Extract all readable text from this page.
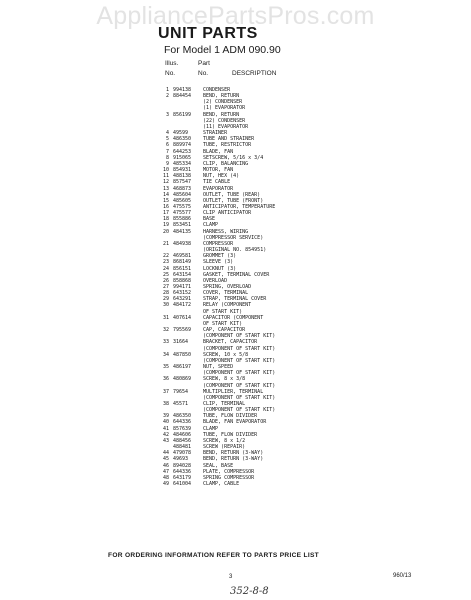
AppliancePartsPros.com
UNIT PARTS
For Model 1 ADM 090.90
Illus.	Part
No.	No.	DESCRIPTION
1 994138	CONDENSER
2 884454	BEND, RETURN
(2) CONDENSER
(1) EVAPORATOR
3 856199	BEND, RETURN
(22) CONDENSER
(11) EVAPORATOR
4 49599	STRAINER
5 486350	TUBE AND STRAINER
6 889974	TUBE, RESTRICTOR
7 644253	BLADE, FAN
8 915065	SETSCREW, 5/16 x 3/4
9 485334	CLIP, BALANCING
10 854931	MOTOR, FAN
11 488138	NUT, HEX (4)
12 857547	TIE CABLE
13 468873	EVAPORATOR
14 485604	OUTLET, TUBE (REAR)
15 485605	OUTLET, TUBE (FRONT)
16 475575	ANTICIPATOR, TEMPERATURE
17 475577	CLIP ANTICIPATOR
18 855886	BASE
19 853451	CLAMP
20 484135	HARNESS, WIRING
(COMPRESSOR SERVICE)
21 484938	COMPRESSOR
(ORIGINAL NO. 854951)
22 469581	GROMMET (3)
23 868149	SLEEVE (3)
24 856151	LOCKNUT (3)
25 643154	GASKET, TERMINAL COVER
26 858868	OVERLOAD
27 994171	SPRING, OVERLOAD
28 643152	COVER, TERMINAL
29 643291	STRAP, TERMINAL COVER
30 484172	RELAY (COMPONENT
OF START KIT)
31 407614	CAPACITOR (COMPONENT
OF START KIT)
32 795569	CAP, CAPACITOR
(COMPONENT OF START KIT)
33 31664	BRACKET, CAPACITOR
(COMPONENT OF START KIT)
34 487850	SCREW, 10 x 5/8
(COMPONENT OF START KIT)
35 486197	NUT, SPEED
(COMPONENT OF START KIT)
36 480869	SCREW, 8 x 3/8
(COMPONENT OF START KIT)
37 79654	MULTIPLIER, TERMINAL
(COMPONENT OF START KIT)
38 45571	CLIP, TERMINAL
(COMPONENT OF START KIT)
39 486350	TUBE, FLOW DIVIDER
40 644336	BLADE, FAN EVAPORATOR
41 857639	CLAMP
42 484606	TUBE, FLOW DIVIDER
43 488456	SCREW, 8 x 1/2
488481	SCREW (REPAIR)
44 479078	BEND, RETURN (3-WAY)
45 49693	BEND, RETURN (3-WAY)
46 894028	SEAL, BASE
47 644336	PLATE, COMPRESSOR
48 643179	SPRING COMPRESSOR
49 641004	CLAMP, CABLE
FOR ORDERING INFORMATION REFER TO PARTS PRICE LIST
3	960/13
352-8-8
